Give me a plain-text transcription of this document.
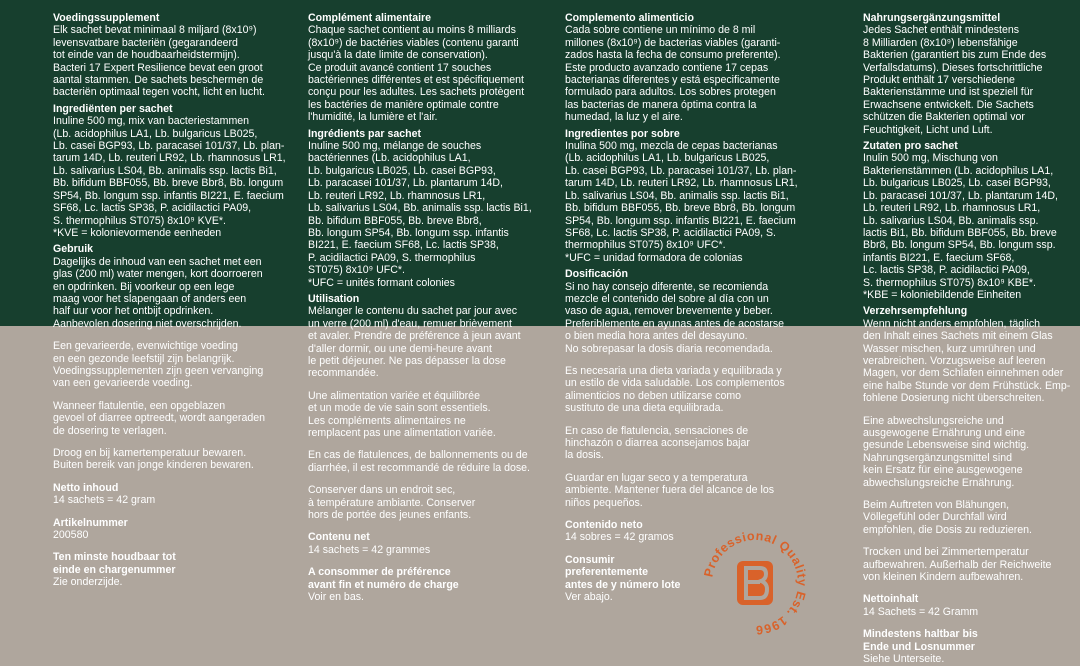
Voedingssupplement
Elk sachet bevat minimaal 8 miljard (8x10⁹)
levensvatbare bacteriën (gegarandeerd
tot einde van de houdbaarheidstermijn).
Bacteri 17 Expert Resilience bevat een groot
aantal stammen. De sachets beschermen de
bacteriën optimaal tegen vocht, licht en lucht.
Ingrediënten per sachet
Inuline 500 mg, mix van bacteriestammen
(Lb. acidophilus LA1, Lb. bulgaricus LB025,
Lb. casei BGP93, Lb. paracasei 101/37, Lb. plan-
tarum 14D, Lb. reuteri LR92, Lb. rhamnosus LR1,
Lb. salivarius LS04, Bb. animalis ssp. lactis Bi1,
Bb. bifidum BBF055, Bb. breve Bbr8, Bb. longum
SP54, Bb. longum ssp. infantis BI221, E. faecium
SF68, Lc. lactis SP38, P. acidilactici PA09,
S. thermophilus ST075) 8x10⁹ KVE*.
*KVE = kolonievormende eenheden
Gebruik
Dagelijks de inhoud van een sachet met een
glas (200 ml) water mengen, kort doorroeren
en opdrinken. Bij voorkeur op een lege
maag voor het slapengaan of anders een
half uur voor het ontbijt opdrinken.
Aanbevolen dosering niet overschrijden.
Een gevarieerde, evenwichtige voeding
en een gezonde leefstijl zijn belangrijk.
Voedingssupplementen zijn geen vervanging
van een gevarieerde voeding.
Wanneer flatulentie, een opgeblazen
gevoel of diarree optreedt, wordt aangeraden
de dosering te verlagen.
Droog en bij kamertemperatuur bewaren.
Buiten bereik van jonge kinderen bewaren.
Netto inhoud
14 sachets = 42 gram
Artikelnummer
200580
Ten minste houdbaar tot
einde en chargenummer
Zie onderzijde.
Complément alimentaire
Chaque sachet contient au moins 8 milliards
(8x10⁹) de bactéries viables (contenu garanti
jusqu'à la date limite de conservation).
Ce produit avancé contient 17 souches
bactériennes différentes et est spécifiquement
conçu pour les adultes. Les sachets protègent
les bactéries de manière optimale contre
l'humidité, la lumière et l'air.
Ingrédients par sachet
Inuline 500 mg, mélange de souches
bactériennes (Lb. acidophilus LA1,
Lb. bulgaricus LB025, Lb. casei BGP93,
Lb. paracasei 101/37, Lb. plantarum 14D,
Lb. reuteri LR92, Lb. rhamnosus LR1,
Lb. salivarius LS04, Bb. animalis ssp. lactis Bi1,
Bb. bifidum BBF055, Bb. breve Bbr8,
Bb. longum SP54, Bb. longum ssp. infantis
BI221, E. faecium SF68, Lc. lactis SP38,
P. acidilactici PA09, S. thermophilus
ST075) 8x10⁹ UFC*.
*UFC = unités formant colonies
Utilisation
Mélanger le contenu du sachet par jour avec
un verre (200 ml) d'eau, remuer brièvement
et avaler. Prendre de préférence à jeun avant
d'aller dormir, ou une demi-heure avant
le petit déjeuner. Ne pas dépasser la dose
recommandée.
Une alimentation variée et équilibrée
et un mode de vie sain sont essentiels.
Les compléments alimentaires ne
remplacent pas une alimentation variée.
En cas de flatulences, de ballonnements ou de
diarrhée, il est recommandé de réduire la dose.
Conserver dans un endroit sec,
à température ambiante. Conserver
hors de portée des jeunes enfants.
Contenu net
14 sachets = 42 grammes
A consommer de préférence
avant fin et numéro de charge
Voir en bas.
Complemento alimenticio
Cada sobre contiene un mínimo de 8 mil
millones (8x10⁹) de bacterias viables (garanti-
zados hasta la fecha de consumo preferente).
Este producto avanzado contiene 17 cepas
bacterianas diferentes y está especificamente
formulado para adultos. Los sobres protegen
las bacterias de manera óptima contra la
humedad, la luz y el aire.
Ingredientes por sobre
Inulina 500 mg, mezcla de cepas bacterianas
(Lb. acidophilus LA1, Lb. bulgaricus LB025,
Lb. casei BGP93, Lb. paracasei 101/37, Lb. plan-
tarum 14D, Lb. reuteri LR92, Lb. rhamnosus LR1,
Lb. salivarius LS04, Bb. animalis ssp. lactis Bi1,
Bb. bifidum BBF055, Bb. breve Bbr8, Bb. longum
SP54, Bb. longum ssp. infantis BI221, E. faecium
SF68, Lc. lactis SP38, P. acidilactici PA09, S.
thermophilus ST075) 8x10⁹ UFC*.
*UFC = unidad formadora de colonias
Dosificación
Si no hay consejo diferente, se recomienda
mezcle el contenido del sobre al día con un
vaso de agua, remover brevemente y beber.
Preferiblemente en ayunas antes de acostarse
o bien media hora antes del desayuno.
No sobrepasar la dosis diaria recomendada.
Es necesaria una dieta variada y equilibrada y
un estilo de vida saludable. Los complementos
alimenticios no deben utilizarse como
sustituto de una dieta equilibrada.
En caso de flatulencia, sensaciones de
hinchazón o diarrea aconsejamos bajar
la dosis.
Guardar en lugar seco y a temperatura
ambiente. Mantener fuera del alcance de los
niños pequeños.
Contenido neto
14 sobres = 42 gramos
Consumir
preferentemente
antes de y número lote
Ver abajo.
Nahrungsergänzungsmittel
Jedes Sachet enthält mindestens
8 Milliarden (8x10⁹) lebensfähige
Bakterien (garantiert bis zum Ende des
Verfallsdatums). Dieses fortschrittliche
Produkt enthält 17 verschiedene
Bakterienstämme und ist speziell für
Erwachsene entwickelt. Die Sachets
schützen die Bakterien optimal vor
Feuchtigkeit, Licht und Luft.
Zutaten pro sachet
Inulin 500 mg, Mischung von
Bakterienstämmen (Lb. acidophilus LA1,
Lb. bulgaricus LB025, Lb. casei BGP93,
Lb. paracasei 101/37, Lb. plantarum 14D,
Lb. reuteri LR92, Lb. rhamnosus LR1,
Lb. salivarius LS04, Bb. animalis ssp.
lactis Bi1, Bb. bifidum BBF055, Bb. breve
Bbr8, Bb. longum SP54, Bb. longum ssp.
infantis BI221, E. faecium SF68,
Lc. lactis SP38, P. acidilactici PA09,
S. thermophilus ST075) 8x10⁹ KBE*.
*KBE = koloniebildende Einheiten
Verzehrsempfehlung
Wenn nicht anders empfohlen, täglich
den Inhalt eines Sachets mit einem Glas
Wasser mischen, kurz umrühren und
verabreichen. Vorzugsweise auf leeren
Magen, vor dem Schlafen einnehmen oder
eine halbe Stunde vor dem Frühstück. Emp-
fohlene Dosierung nicht überschreiten.
Eine abwechslungsreiche und
ausgewogene Ernährung und eine
gesunde Lebensweise sind wichtig.
Nahrungsergänzungsmittel sind
kein Ersatz für eine ausgewogene
abwechslungsreiche Ernährung.
Beim Auftreten von Blähungen,
Völlegefühl oder Durchfall wird
empfohlen, die Dosis zu reduzieren.
Trocken und bei Zimmertemperatur
aufbewahren. Außerhalb der Reichweite
von kleinen Kindern aufbewahren.
Nettoinhalt
14 Sachets = 42 Gramm
Mindestens haltbar bis
Ende und Losnummer
Siehe Unterseite.
Professional Quality Est. 1966
